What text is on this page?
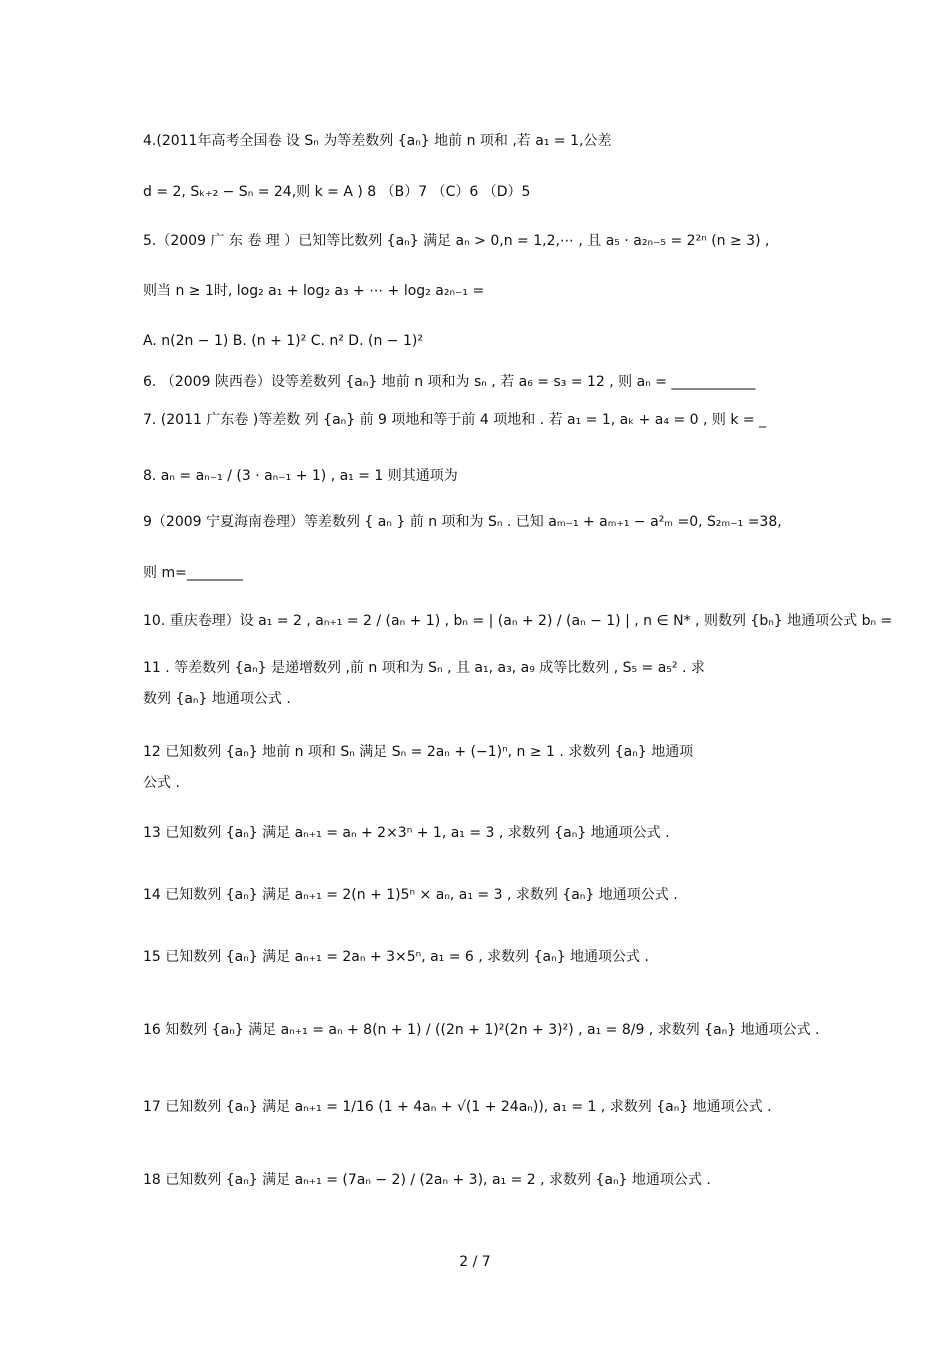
4.(2011年高考全国卷 设 Sₙ 为等差数列 {aₙ} 地前 n 项和 ,若 a₁ = 1,公差
d = 2, Sₖ₊₂ − Sₙ = 24,则 k = A ) 8 （B）7 （C）6 （D）5
5.（2009 广 东 卷 理 ）已知等比数列 {aₙ} 满足 aₙ > 0,n = 1,2,⋯ , 且 a₅ · a₂ₙ₋₅ = 2²ⁿ (n ≥ 3) ,
则当 n ≥ 1时, log₂ a₁ + log₂ a₃ + ⋯ + log₂ a₂ₙ₋₁ =
A. n(2n − 1) B. (n + 1)² C. n² D. (n − 1)²
6. （2009 陕西卷）设等差数列 {aₙ} 地前 n 项和为 sₙ , 若 a₆ = s₃ = 12 , 则 aₙ = ____________
7. (2011 广东卷 )等差数 列 {aₙ} 前 9 项地和等于前 4 项地和 . 若 a₁ = 1, aₖ + a₄ = 0 , 则 k = _
8. aₙ = aₙ₋₁ / (3 · aₙ₋₁ + 1) , a₁ = 1 则其通项为
9（2009 宁夏海南卷理）等差数列 { aₙ } 前 n 项和为 Sₙ . 已知 aₘ₋₁ + aₘ₊₁ − a²ₘ =0, S₂ₘ₋₁ =38,
则 m=________
10. 重庆卷理）设 a₁ = 2 , aₙ₊₁ = 2 / (aₙ + 1) , bₙ = | (aₙ + 2) / (aₙ − 1) | , n ∈ N* , 则数列 {bₙ} 地通项公式 bₙ =
11 . 等差数列 {aₙ} 是递增数列 ,前 n 项和为 Sₙ , 且 a₁, a₃, a₉ 成等比数列 , S₅ = a₅² . 求
数列 {aₙ} 地通项公式 .
12 已知数列 {aₙ} 地前 n 项和 Sₙ 满足 Sₙ = 2aₙ + (−1)ⁿ, n ≥ 1 . 求数列 {aₙ} 地通项
公式 .
13 已知数列 {aₙ} 满足 aₙ₊₁ = aₙ + 2×3ⁿ + 1, a₁ = 3 , 求数列 {aₙ} 地通项公式 .
14 已知数列 {aₙ} 满足 aₙ₊₁ = 2(n + 1)5ⁿ × aₙ, a₁ = 3 , 求数列 {aₙ} 地通项公式 .
15 已知数列 {aₙ} 满足 aₙ₊₁ = 2aₙ + 3×5ⁿ, a₁ = 6 , 求数列 {aₙ} 地通项公式 .
16 知数列 {aₙ} 满足 aₙ₊₁ = aₙ + 8(n + 1) / ((2n + 1)²(2n + 3)²) , a₁ = 8/9 , 求数列 {aₙ} 地通项公式 .
17 已知数列 {aₙ} 满足 aₙ₊₁ = 1/16 (1 + 4aₙ + √(1 + 24aₙ)), a₁ = 1 , 求数列 {aₙ} 地通项公式 .
18 已知数列 {aₙ} 满足 aₙ₊₁ = (7aₙ − 2) / (2aₙ + 3), a₁ = 2 , 求数列 {aₙ} 地通项公式 .
2 / 7
